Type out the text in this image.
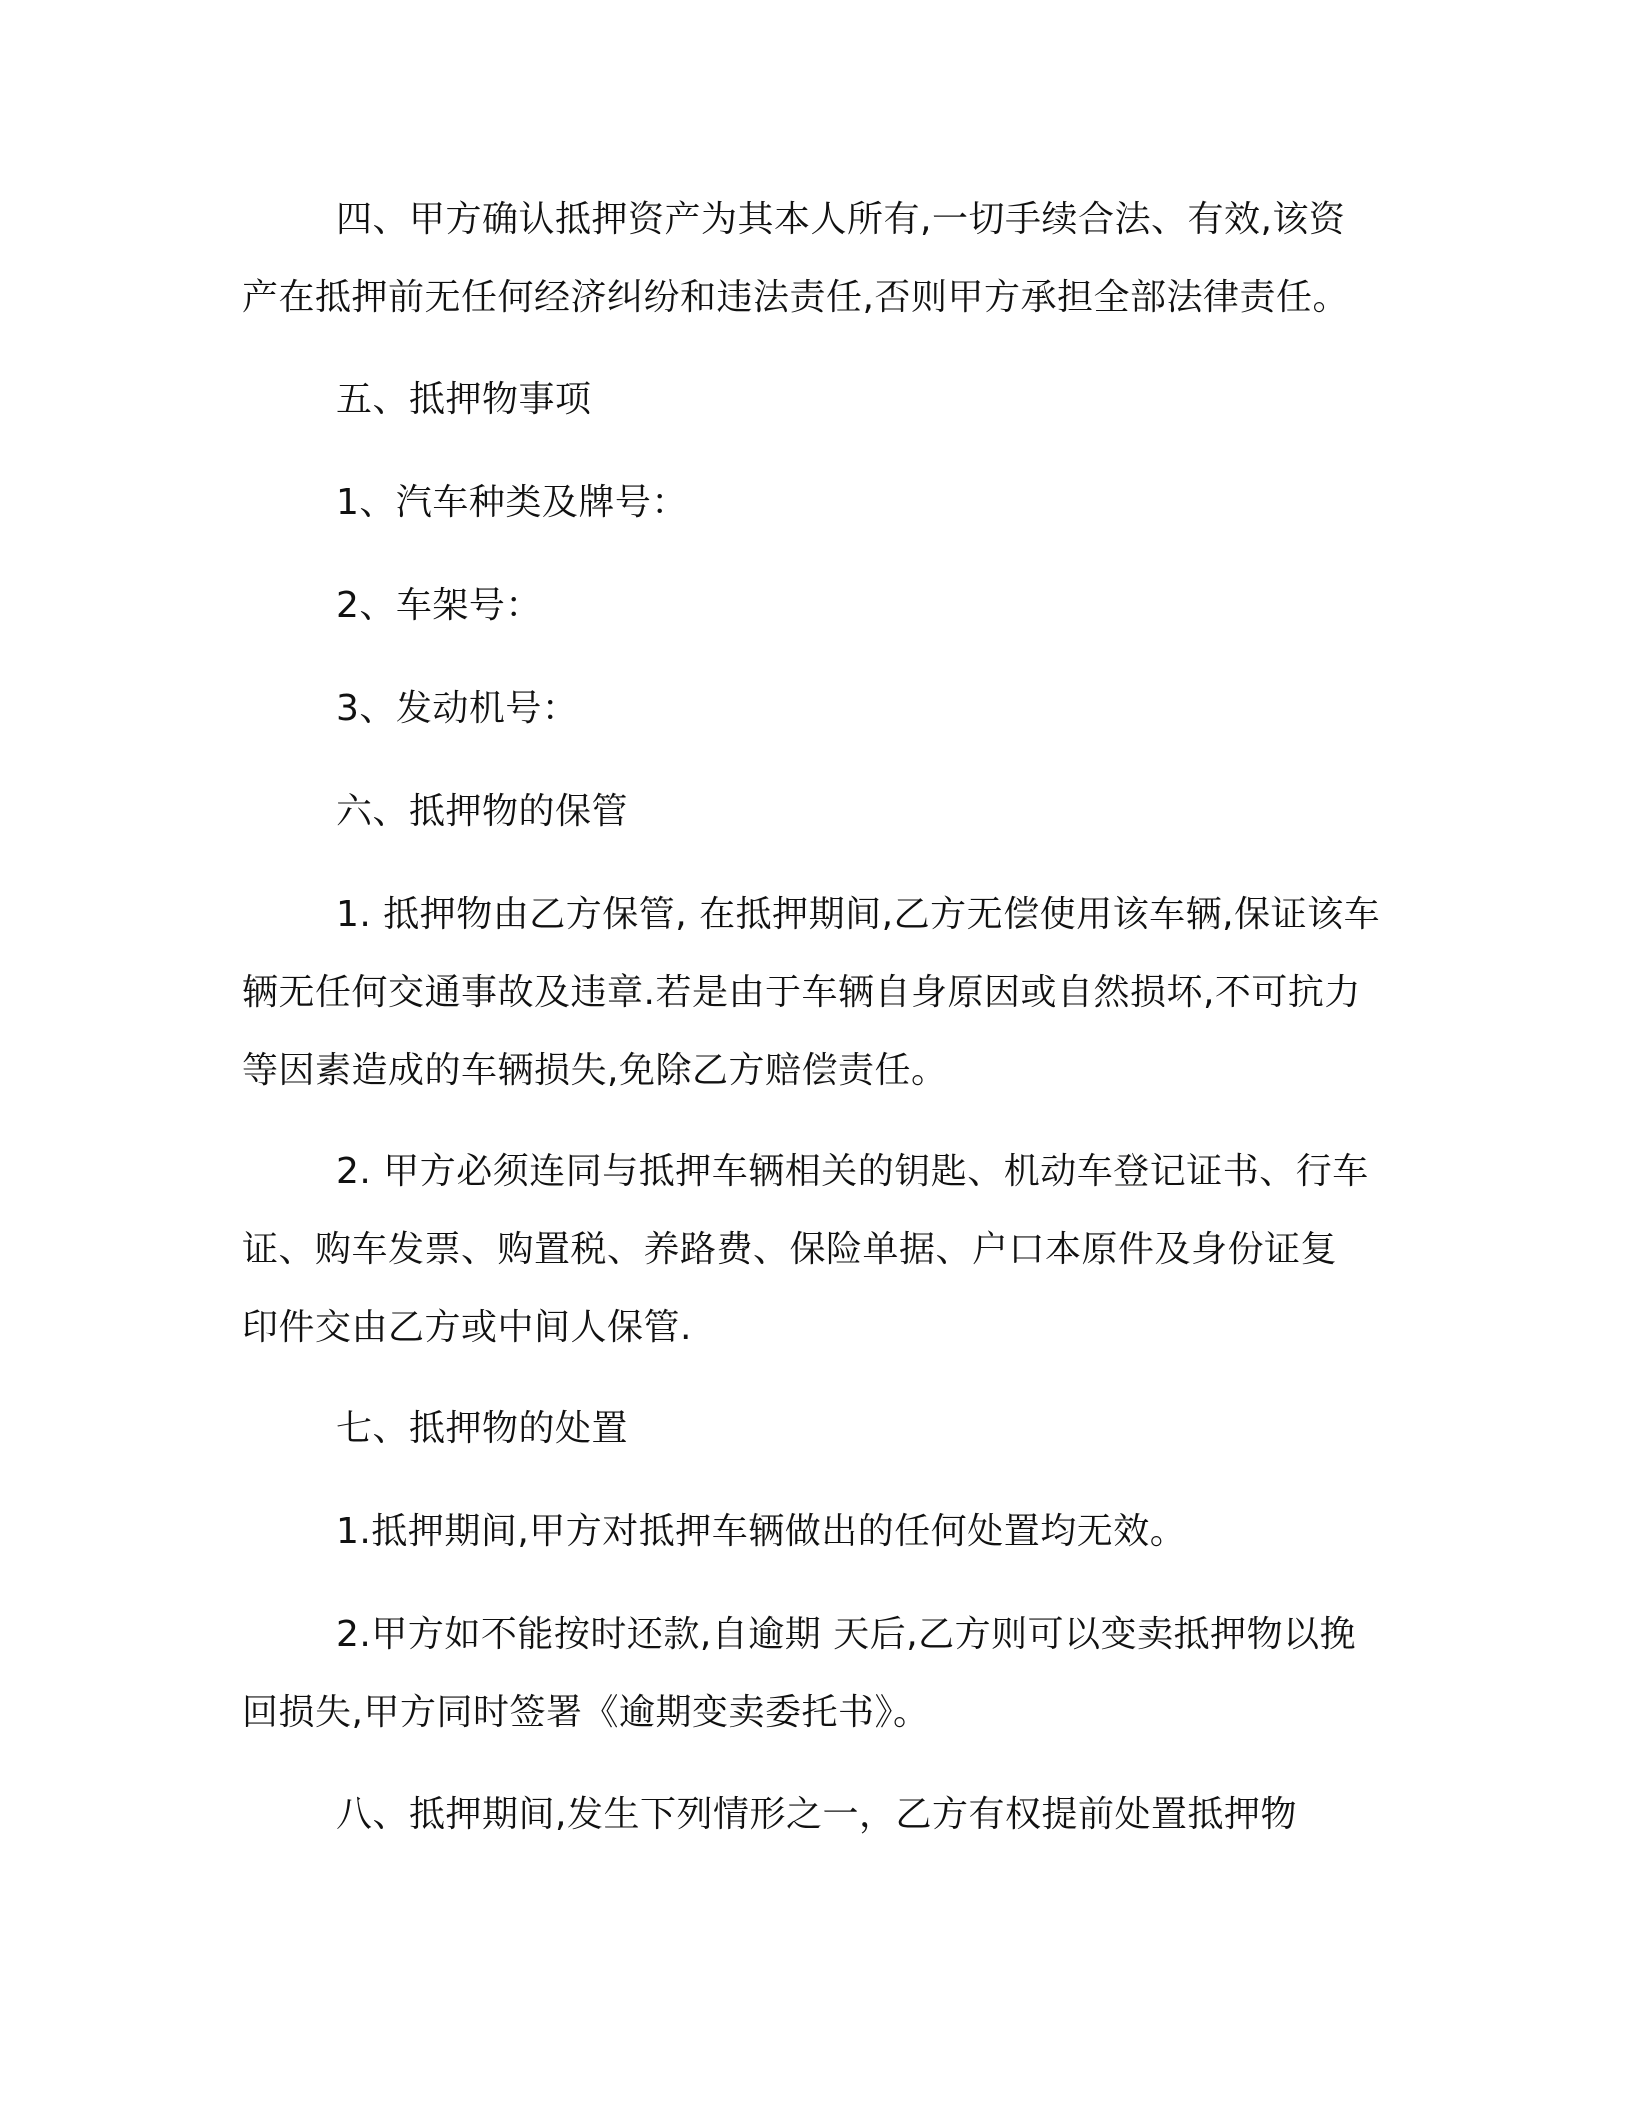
四、甲方确认抵押资产为其本人所有,一切手续合法、有效,该资
产在抵押前无任何经济纠纷和违法责任,否则甲方承担全部法律责任。
五、抵押物事项
1、汽车种类及牌号：
2、车架号：
3、发动机号：
六、抵押物的保管
1. 抵押物由乙方保管, 在抵押期间,乙方无偿使用该车辆,保证该车
辆无任何交通事故及违章.若是由于车辆自身原因或自然损坏,不可抗力
等因素造成的车辆损失,免除乙方赔偿责任。
2. 甲方必须连同与抵押车辆相关的钥匙、机动车登记证书、行车
证、购车发票、购置税、养路费、保险单据、户口本原件及身份证复
印件交由乙方或中间人保管.
七、抵押物的处置
1.抵押期间,甲方对抵押车辆做出的任何处置均无效。
2.甲方如不能按时还款,自逾期 天后,乙方则可以变卖抵押物以挽
回损失,甲方同时签署《逾期变卖委托书》。
八、抵押期间,发生下列情形之一，乙方有权提前处置抵押物
